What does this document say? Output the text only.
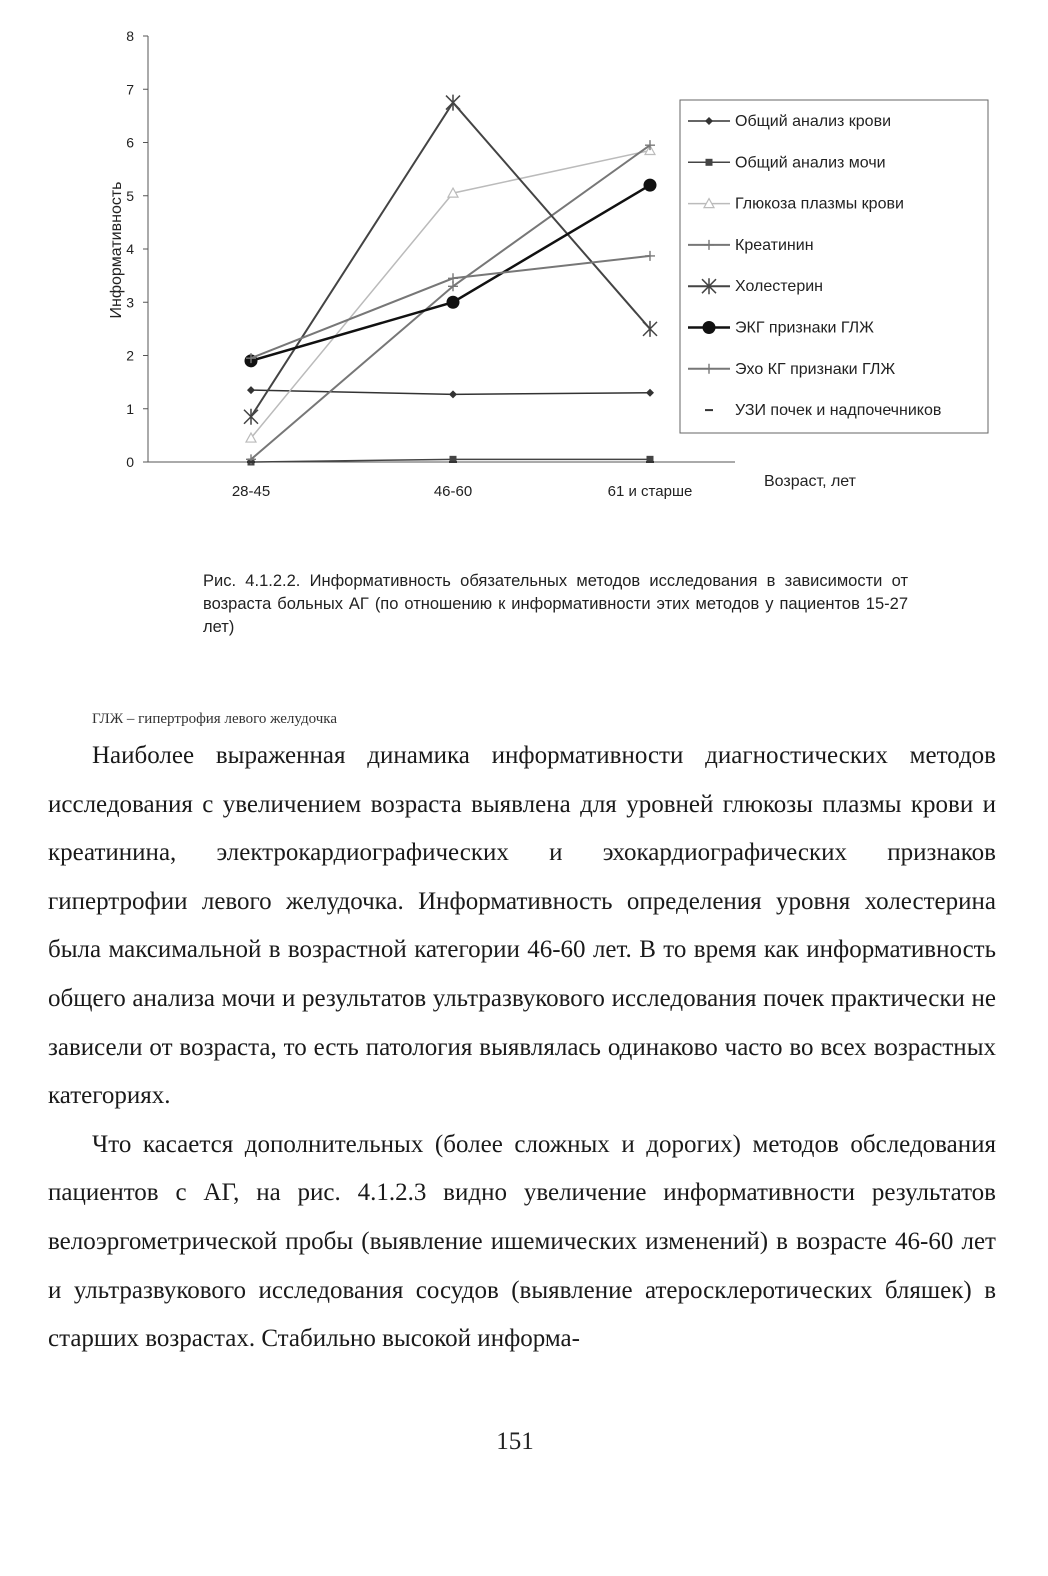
0
1
2
3
4
5
6
7
8
28-45	46-60	61 и старше
Информативность
Возраст, лет
Общий анализ крови
Общий анализ мочи
Глюкоза плазмы крови
Креатинин
Холестерин
ЭКГ признаки ГЛЖ
Эхо КГ признаки ГЛЖ
УЗИ почек и надпочечников
Рис. 4.1.2.2. Информативность обязательных методов исследования в зависимости от возраста больных АГ (по отношению к информативности этих методов у пациентов 15-27 лет)
ГЛЖ – гипертрофия левого желудочка

Наиболее выраженная динамика информативности диагностических методов исследования с увеличением возраста выявлена для уровней глюкозы плазмы крови и креатинина, электрокардиографических и эхокардиографических признаков гипертрофии левого желудочка. Информативность определения уровня холестерина была максимальной в возрастной категории 46-60 лет. В то время как информативность общего анализа мочи и результатов ультразвукового исследования почек практически не зависели от возраста, то есть патология выявлялась одинаково часто во всех возрастных категориях.

Что касается дополнительных (более сложных и дорогих) методов обследования пациентов с АГ, на рис. 4.1.2.3 видно увеличение информативности результатов велоэргометрической пробы (выявление ишемических изменений) в возрасте 46-60 лет и ультразвукового исследования сосудов (выявление атеросклеротических бляшек) в старших возрастах. Стабильно высокой информа-

151
